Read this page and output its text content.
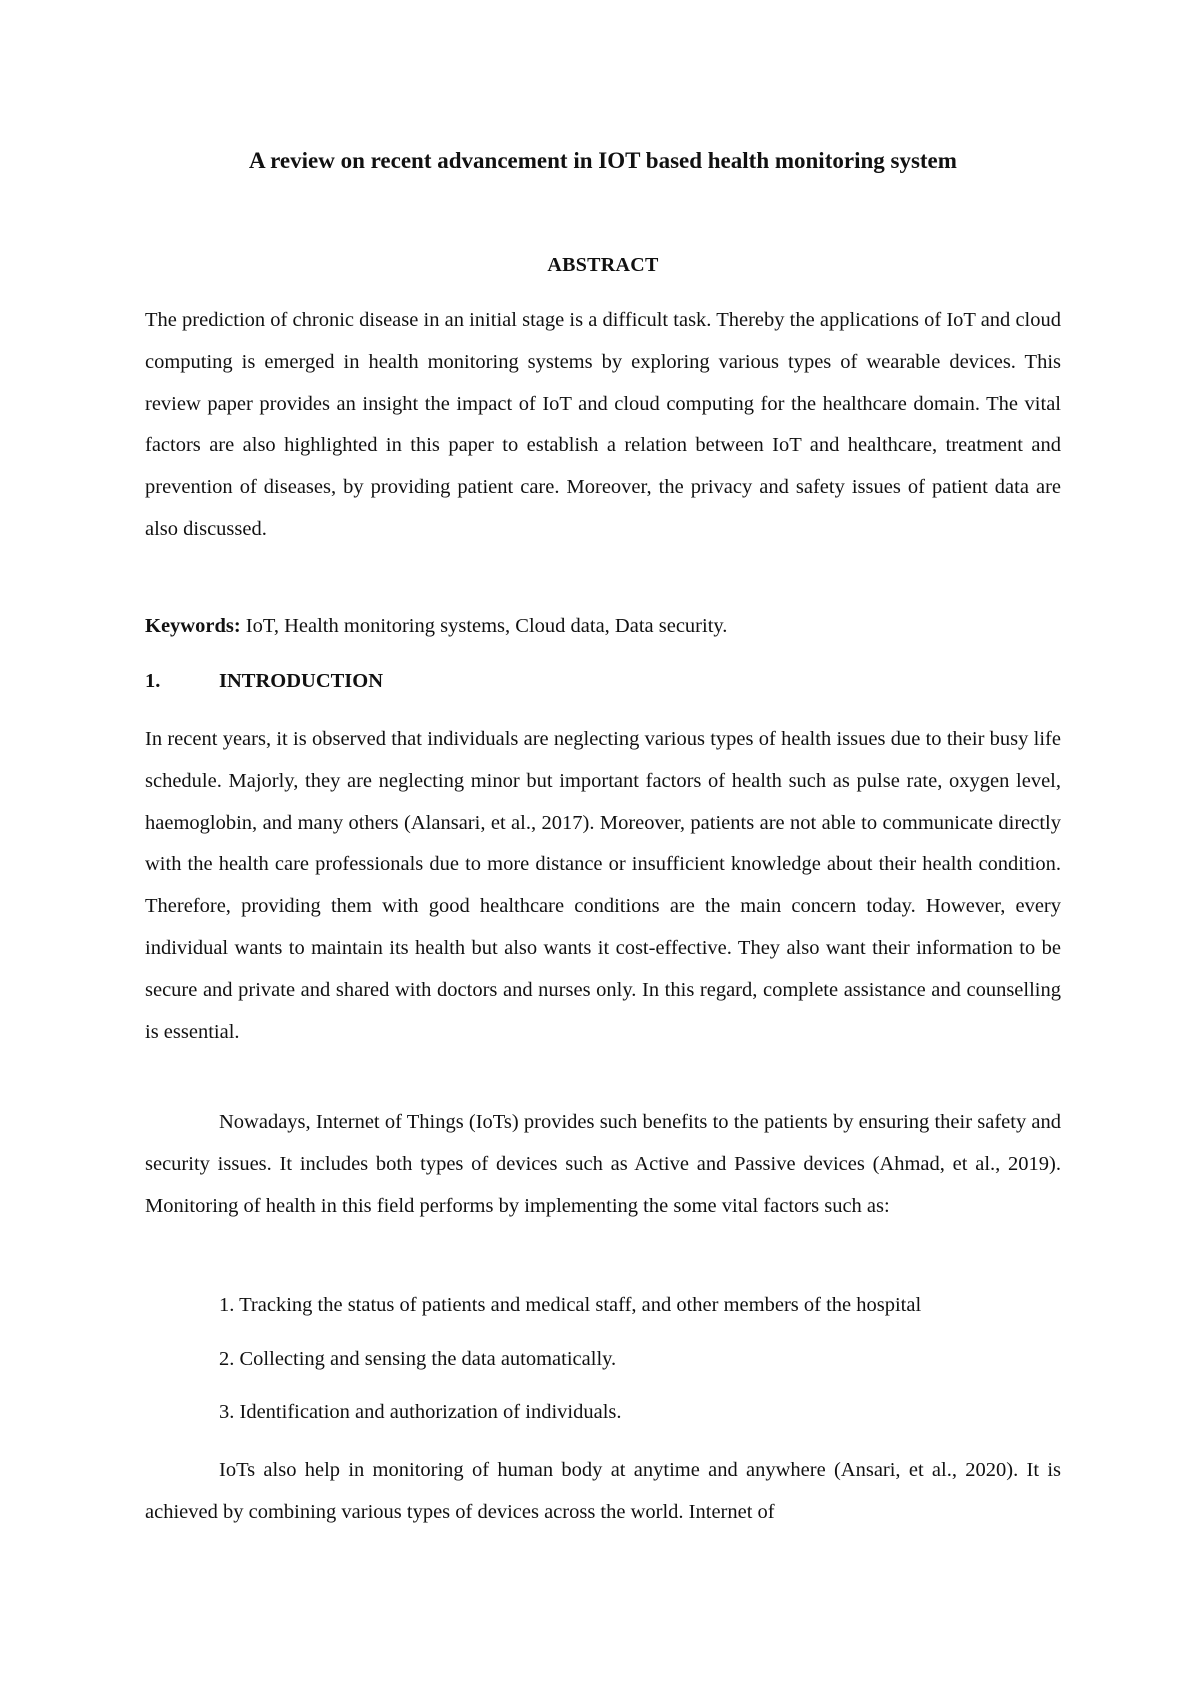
A review on recent advancement in IOT based health monitoring system
ABSTRACT

The prediction of chronic disease in an initial stage is a difficult task. Thereby the applications of IoT and cloud computing is emerged in health monitoring systems by exploring various types of wearable devices. This review paper provides an insight the impact of IoT and cloud computing for the healthcare domain. The vital factors are also highlighted in this paper to establish a relation between IoT and healthcare, treatment and prevention of diseases, by providing patient care. Moreover, the privacy and safety issues of patient data are also discussed.

Keywords: IoT, Health monitoring systems, Cloud data, Data security.

1.	INTRODUCTION

In recent years, it is observed that individuals are neglecting various types of health issues due to their busy life schedule. Majorly, they are neglecting minor but important factors of health such as pulse rate, oxygen level, haemoglobin, and many others (Alansari, et al., 2017). Moreover, patients are not able to communicate directly with the health care professionals due to more distance or insufficient knowledge about their health condition. Therefore, providing them with good healthcare conditions are the main concern today. However, every individual wants to maintain its health but also wants it cost-effective. They also want their information to be secure and private and shared with doctors and nurses only. In this regard, complete assistance and counselling is essential.

Nowadays, Internet of Things (IoTs) provides such benefits to the patients by ensuring their safety and security issues. It includes both types of devices such as Active and Passive devices (Ahmad, et al., 2019). Monitoring of health in this field performs by implementing the some vital factors such as:

1. Tracking the status of patients and medical staff, and other members of the hospital
2. Collecting and sensing the data automatically.
3. Identification and authorization of individuals.

IoTs also help in monitoring of human body at anytime and anywhere (Ansari, et al., 2020). It is achieved by combining various types of devices across the world. Internet of
